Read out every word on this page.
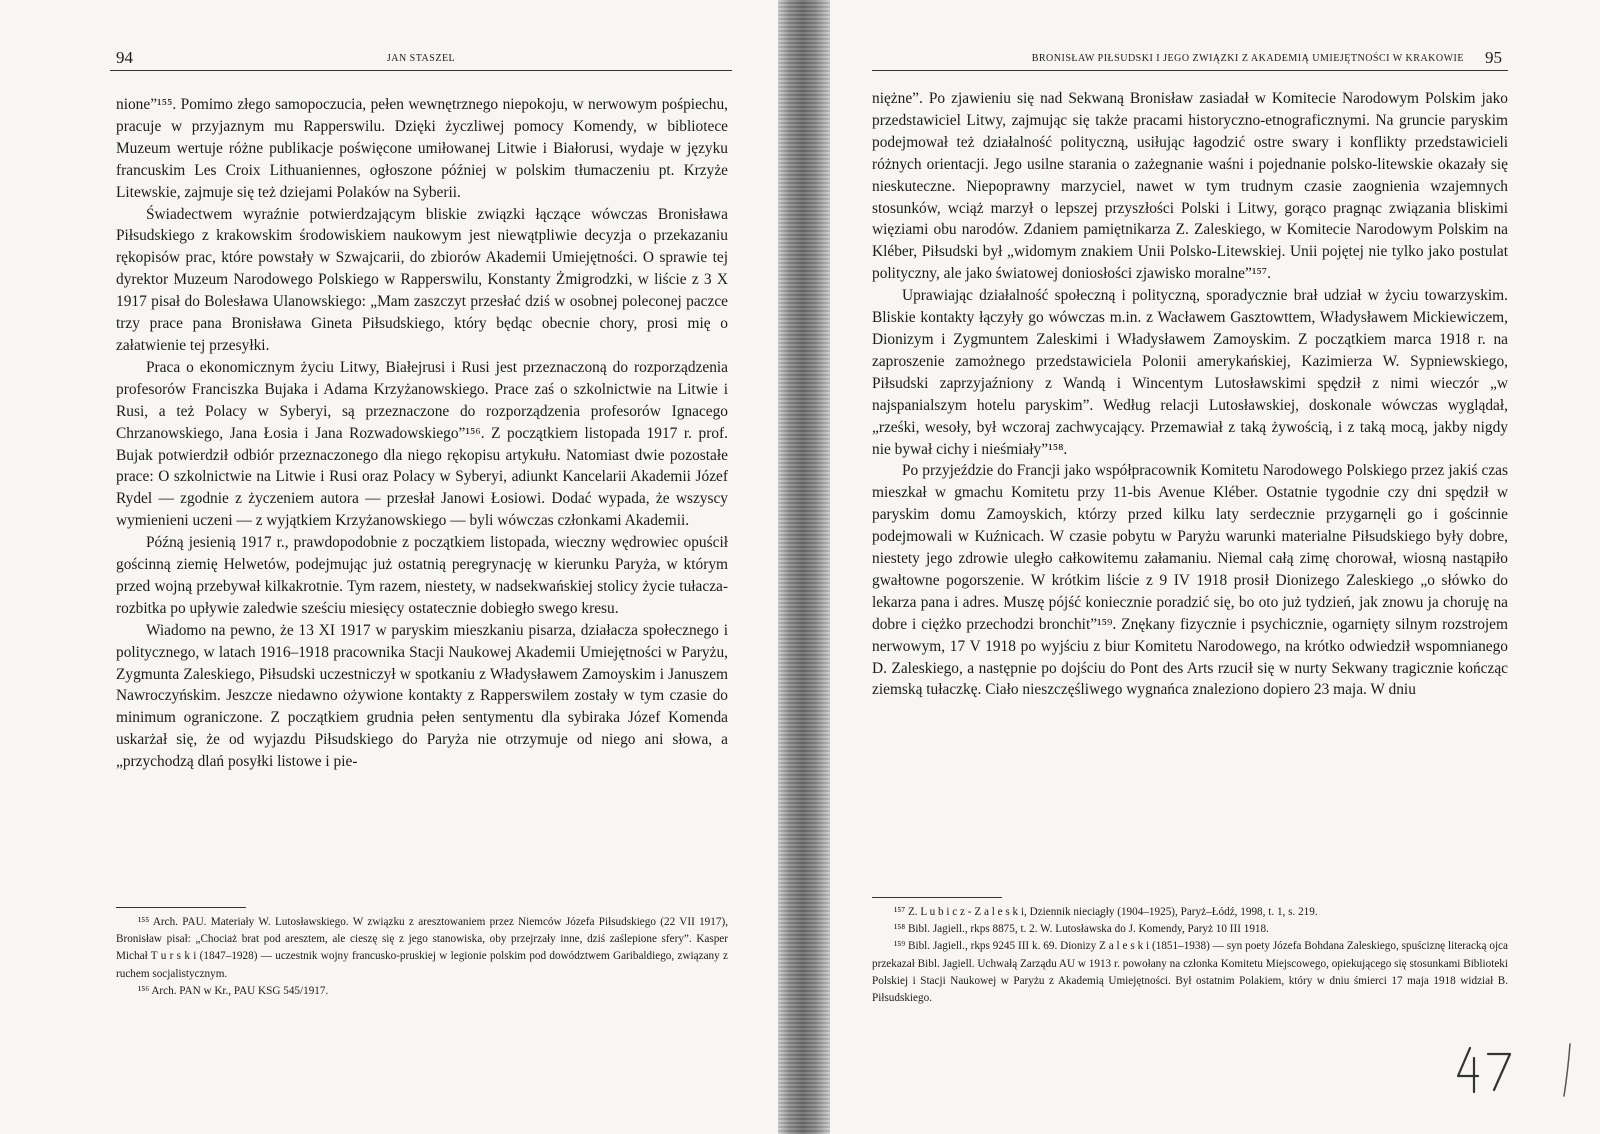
94	JAN STASZEL

nione”¹⁵⁵. Pomimo złego samopoczucia, pełen wewnętrznego niepokoju, w nerwowym pośpiechu, pracuje w przyjaznym mu Rapperswilu. Dzięki życzliwej pomocy Komendy, w bibliotece Muzeum wertuje różne publikacje poświęcone umiłowanej Litwie i Białorusi, wydaje w języku francuskim Les Croix Lithuaniennes, ogłoszone później w polskim tłumaczeniu pt. Krzyże Litewskie, zajmuje się też dziejami Polaków na Syberii.

Świadectwem wyraźnie potwierdzającym bliskie związki łączące wówczas Bronisława Piłsudskiego z krakowskim środowiskiem naukowym jest niewątpliwie decyzja o przekazaniu rękopisów prac, które powstały w Szwajcarii, do zbiorów Akademii Umiejętności. O sprawie tej dyrektor Muzeum Narodowego Polskiego w Rapperswilu, Konstanty Żmigrodzki, w liście z 3 X 1917 pisał do Bolesława Ulanowskiego: „Mam zaszczyt przesłać dziś w osobnej poleconej paczce trzy prace pana Bronisława Gineta Piłsudskiego, który będąc obecnie chory, prosi mię o załatwienie tej przesyłki.

Praca o ekonomicznym życiu Litwy, Białejrusi i Rusi jest przeznaczoną do rozporządzenia profesorów Franciszka Bujaka i Adama Krzyżanowskiego. Prace zaś o szkolnictwie na Litwie i Rusi, a też Polacy w Syberyi, są przeznaczone do rozporządzenia profesorów Ignacego Chrzanowskiego, Jana Łosia i Jana Rozwadowskiego”¹⁵⁶. Z początkiem listopada 1917 r. prof. Bujak potwierdził odbiór przeznaczonego dla niego rękopisu artykułu. Natomiast dwie pozostałe prace: O szkolnictwie na Litwie i Rusi oraz Polacy w Syberyi, adiunkt Kancelarii Akademii Józef Rydel — zgodnie z życzeniem autora — przesłał Janowi Łosiowi. Dodać wypada, że wszyscy wymienieni uczeni — z wyjątkiem Krzyżanowskiego — byli wówczas członkami Akademii.

Późną jesienią 1917 r., prawdopodobnie z początkiem listopada, wieczny wędrowiec opuścił gościnną ziemię Helwetów, podejmując już ostatnią peregrynację w kierunku Paryża, w którym przed wojną przebywał kilkakrotnie. Tym razem, niestety, w nadsekwańskiej stolicy życie tułacza-rozbitka po upływie zaledwie sześciu miesięcy ostatecznie dobiegło swego kresu.

Wiadomo na pewno, że 13 XI 1917 w paryskim mieszkaniu pisarza, działacza społecznego i politycznego, w latach 1916–1918 pracownika Stacji Naukowej Akademii Umiejętności w Paryżu, Zygmunta Zaleskiego, Piłsudski uczestniczył w spotkaniu z Władysławem Zamoyskim i Januszem Nawroczyńskim. Jeszcze niedawno ożywione kontakty z Rapperswilem zostały w tym czasie do minimum ograniczone. Z początkiem grudnia pełen sentymentu dla sybiraka Józef Komenda uskarżał się, że od wyjazdu Piłsudskiego do Paryża nie otrzymuje od niego ani słowa, a „przychodzą dlań posyłki listowe i pie-

¹⁵⁵ Arch. PAU. Materiały W. Lutosławskiego. W związku z aresztowaniem przez Niemców Józefa Piłsudskiego (22 VII 1917), Bronisław pisał: „Chociaż brat pod aresztem, ale cieszę się z jego stanowiska, oby przejrzały inne, dziś zaślepione sfery”. Kasper Michał T u r s k i (1847–1928) — uczestnik wojny francusko-pruskiej w legionie polskim pod dowództwem Garibaldiego, związany z ruchem socjalistycznym.

¹⁵⁶ Arch. PAN w Kr., PAU KSG 545/1917.

BRONISŁAW PIŁSUDSKI I JEGO ZWIĄZKI Z AKADEMIĄ UMIEJĘTNOŚCI W KRAKOWIE 95

niężne”. Po zjawieniu się nad Sekwaną Bronisław zasiadał w Komitecie Narodowym Polskim jako przedstawiciel Litwy, zajmując się także pracami historyczno-etnograficznymi. Na gruncie paryskim podejmował też działalność polityczną, usiłując łagodzić ostre swary i konflikty przedstawicieli różnych orientacji. Jego usilne starania o zażegnanie waśni i pojednanie polsko-litewskie okazały się nieskuteczne. Niepoprawny marzyciel, nawet w tym trudnym czasie zaognienia wzajemnych stosunków, wciąż marzył o lepszej przyszłości Polski i Litwy, gorąco pragnąc związania bliskimi więziami obu narodów. Zdaniem pamiętnikarza Z. Zaleskiego, w Komitecie Narodowym Polskim na Kléber, Piłsudski był „widomym znakiem Unii Polsko-Litewskiej. Unii pojętej nie tylko jako postulat polityczny, ale jako światowej doniosłości zjawisko moralne”¹⁵⁷.

Uprawiając działalność społeczną i polityczną, sporadycznie brał udział w życiu towarzyskim. Bliskie kontakty łączyły go wówczas m.in. z Wacławem Gasztowttem, Władysławem Mickiewiczem, Dionizym i Zygmuntem Zaleskimi i Władysławem Zamoyskim. Z początkiem marca 1918 r. na zaproszenie zamożnego przedstawiciela Polonii amerykańskiej, Kazimierza W. Sypniewskiego, Piłsudski zaprzyjaźniony z Wandą i Wincentym Lutosławskimi spędził z nimi wieczór „w najspanialszym hotelu paryskim”. Według relacji Lutosławskiej, doskonale wówczas wyglądał, „rześki, wesoły, był wczoraj zachwycający. Przemawiał z taką żywością, i z taką mocą, jakby nigdy nie bywał cichy i nieśmiały”¹⁵⁸.

Po przyjeździe do Francji jako współpracownik Komitetu Narodowego Polskiego przez jakiś czas mieszkał w gmachu Komitetu przy 11-bis Avenue Kléber. Ostatnie tygodnie czy dni spędził w paryskim domu Zamoyskich, którzy przed kilku laty serdecznie przygarnęli go i gościnnie podejmowali w Kuźnicach. W czasie pobytu w Paryżu warunki materialne Piłsudskiego były dobre, niestety jego zdrowie uległo całkowitemu załamaniu. Niemal całą zimę chorował, wiosną nastąpiło gwałtowne pogorszenie. W krótkim liście z 9 IV 1918 prosił Dionizego Zaleskiego „o słówko do lekarza pana i adres. Muszę pójść koniecznie poradzić się, bo oto już tydzień, jak znowu ja choruję na dobre i ciężko przechodzi bronchit”¹⁵⁹. Znękany fizycznie i psychicznie, ogarnięty silnym rozstrojem nerwowym, 17 V 1918 po wyjściu z biur Komitetu Narodowego, na krótko odwiedził wspomnianego D. Zaleskiego, a następnie po dojściu do Pont des Arts rzucił się w nurty Sekwany tragicznie kończąc ziemską tułaczkę. Ciało nieszczęśliwego wygnańca znaleziono dopiero 23 maja. W dniu

¹⁵⁷ Z. L u b i c z - Z a l e s k i, Dziennik niecia̧gły (1904–1925), Paryż–Łódź, 1998, t. 1, s. 219.

¹⁵⁸ Bibl. Jagiell., rkps 8875, t. 2. W. Lutosławska do J. Komendy, Paryż 10 III 1918.

¹⁵⁹ Bibl. Jagiell., rkps 9245 III k. 69. Dionizy Z a l e s k i (1851–1938) — syn poety Józefa Bohdana Zaleskiego, spuściznę literacką ojca przekazał Bibl. Jagiell. Uchwałą Zarządu AU w 1913 r. powołany na członka Komitetu Miejscowego, opiekującego się stosunkami Biblioteki Polskiej i Stacji Naukowej w Paryżu z Akademią Umiejętności. Był ostatnim Polakiem, który w dniu śmierci 17 maja 1918 widział B. Piłsudskiego.
